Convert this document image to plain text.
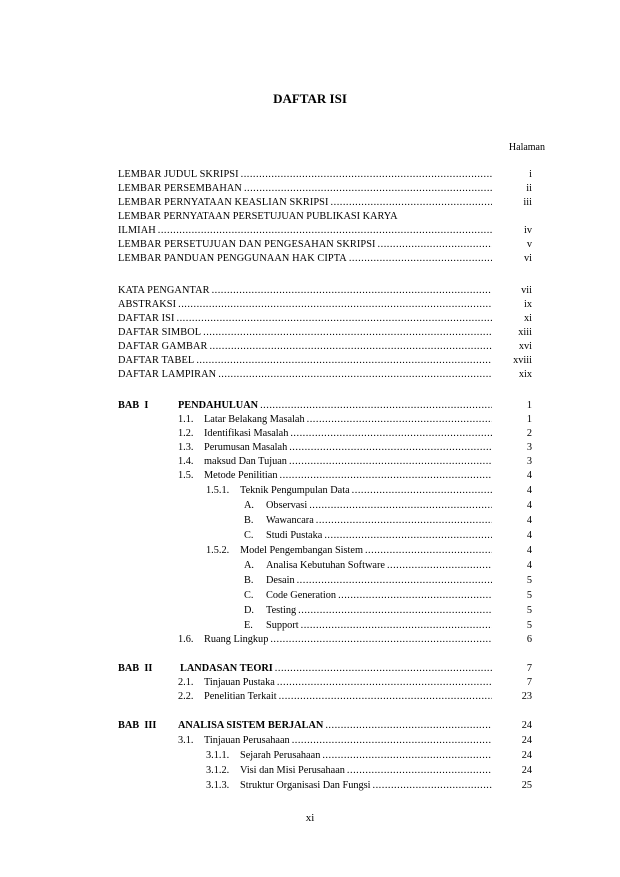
DAFTAR ISI
Halaman
LEMBAR JUDUL SKRIPSI .....	i
LEMBAR PERSEMBAHAN .....	ii
LEMBAR PERNYATAAN KEASLIAN SKRIPSI .....	iii
LEMBAR PERNYATAAN PERSETUJUAN PUBLIKASI KARYA
ILMIAH .....	iv
LEMBAR PERSETUJUAN DAN PENGESAHAN SKRIPSI .....	v
LEMBAR PANDUAN PENGGUNAAN HAK CIPTA .....	vi
KATA PENGANTAR .....	vii
ABSTRAKSI .....	ix
DAFTAR ISI .....	xi
DAFTAR SIMBOL .....	xiii
DAFTAR GAMBAR .....	xvi
DAFTAR TABEL .....	xviii
DAFTAR LAMPIRAN .....	xix
BAB  I	PENDAHULUAN .....	1
1.1. Latar Belakang Masalah .....	1
1.2. Identifikasi Masalah .....	2
1.3. Perumusan Masalah .....	3
1.4. maksud Dan Tujuan .....	3
1.5. Metode Penilitian .....	4
1.5.1. Teknik Pengumpulan Data .....	4
A. Observasi .....	4
B. Wawancara .....	4
C. Studi Pustaka .....	4
1.5.2. Model Pengembangan Sistem .....	4
A. Analisa Kebutuhan Software .....	4
B. Desain .....	5
C. Code Generation .....	5
D. Testing .....	5
E. Support .....	5
1.6. Ruang Lingkup .....	6
BAB  II	LANDASAN TEORI .....	7
2.1. Tinjauan Pustaka .....	7
2.2. Penelitian Terkait .....	23
BAB  III ANALISA SISTEM BERJALAN .....	24
3.1. Tinjauan Perusahaan .....	24
3.1.1. Sejarah Perusahaan .....	24
3.1.2. Visi dan Misi Perusahaan .....	24
3.1.3. Struktur Organisasi Dan Fungsi .....	25
xi
